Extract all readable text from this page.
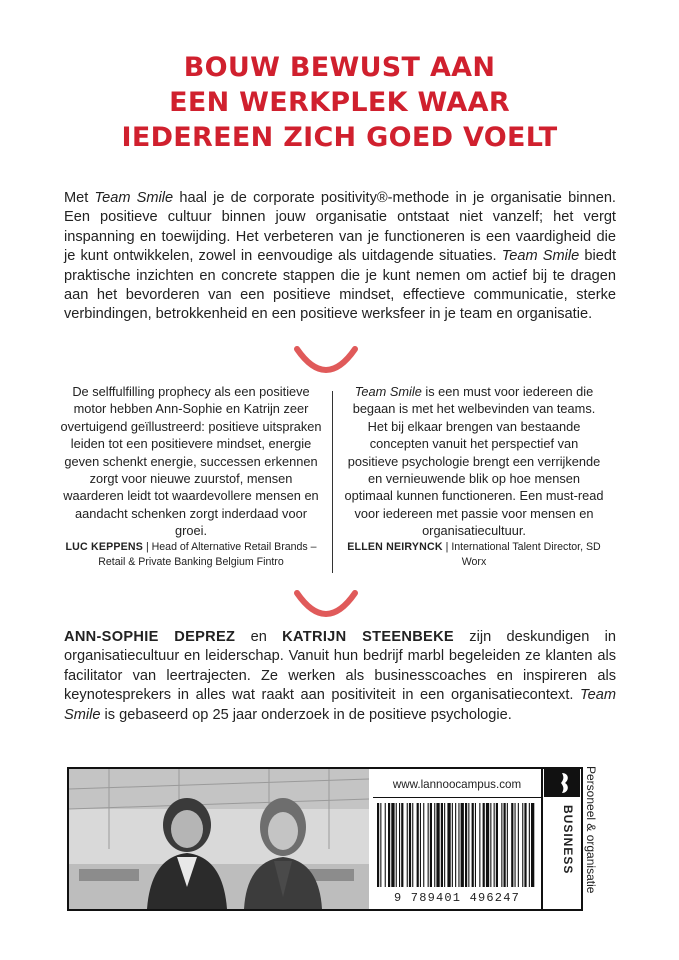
BOUW BEWUST AAN
EEN WERKPLEK WAAR
IEDEREEN ZICH GOED VOELT

Met Team Smile haal je de corporate positivity®-methode in je organisatie binnen. Een positieve cultuur binnen jouw organisatie ontstaat niet vanzelf; het vergt inspanning en toewijding. Het verbeteren van je functioneren is een vaardigheid die je kunt ontwikkelen, zowel in eenvoudige als uitdagende situaties. Team Smile biedt praktische inzichten en concrete stappen die je kunt nemen om actief bij te dragen aan het bevorderen van een positieve mindset, effectieve communicatie, sterke verbindingen, betrokkenheid en een positieve werksfeer in je team en organisatie.

De selffulfilling prophecy als een positieve motor hebben Ann-Sophie en Katrijn zeer overtuigend geïllustreerd: positieve uitspraken leiden tot een positievere mindset, energie geven schenkt energie, successen erkennen zorgt voor nieuwe zuurstof, mensen waarderen leidt tot waardevollere mensen en aandacht schenken zorgt inderdaad voor groei.

LUC KEPPENS | Head of Alternative Retail Brands – Retail & Private Banking Belgium Fintro

Team Smile is een must voor iedereen die begaan is met het welbevinden van teams. Het bij elkaar brengen van bestaande concepten vanuit het perspectief van positieve psychologie brengt een verrijkende en vernieuwende blik op hoe mensen optimaal kunnen functioneren. Een must-read voor iedereen met passie voor mensen en organisatiecultuur.

ELLEN NEIRYNCK | International Talent Director, SD Worx

ANN-SOPHIE DEPREZ en KATRIJN STEENBEKE zijn deskundigen in organisatiecultuur en leiderschap. Vanuit hun bedrijf marbl begeleiden ze klanten als facilitator van leertrajecten. Ze werken als businesscoaches en inspireren als keynotesprekers in alles wat raakt aan positiviteit in een organisatiecontext. Team Smile is gebaseerd op 25 jaar onderzoek in de positieve psychologie.

www.lannoocampus.com
9 789401 496247
BUSINESS Personeel & organisatie
